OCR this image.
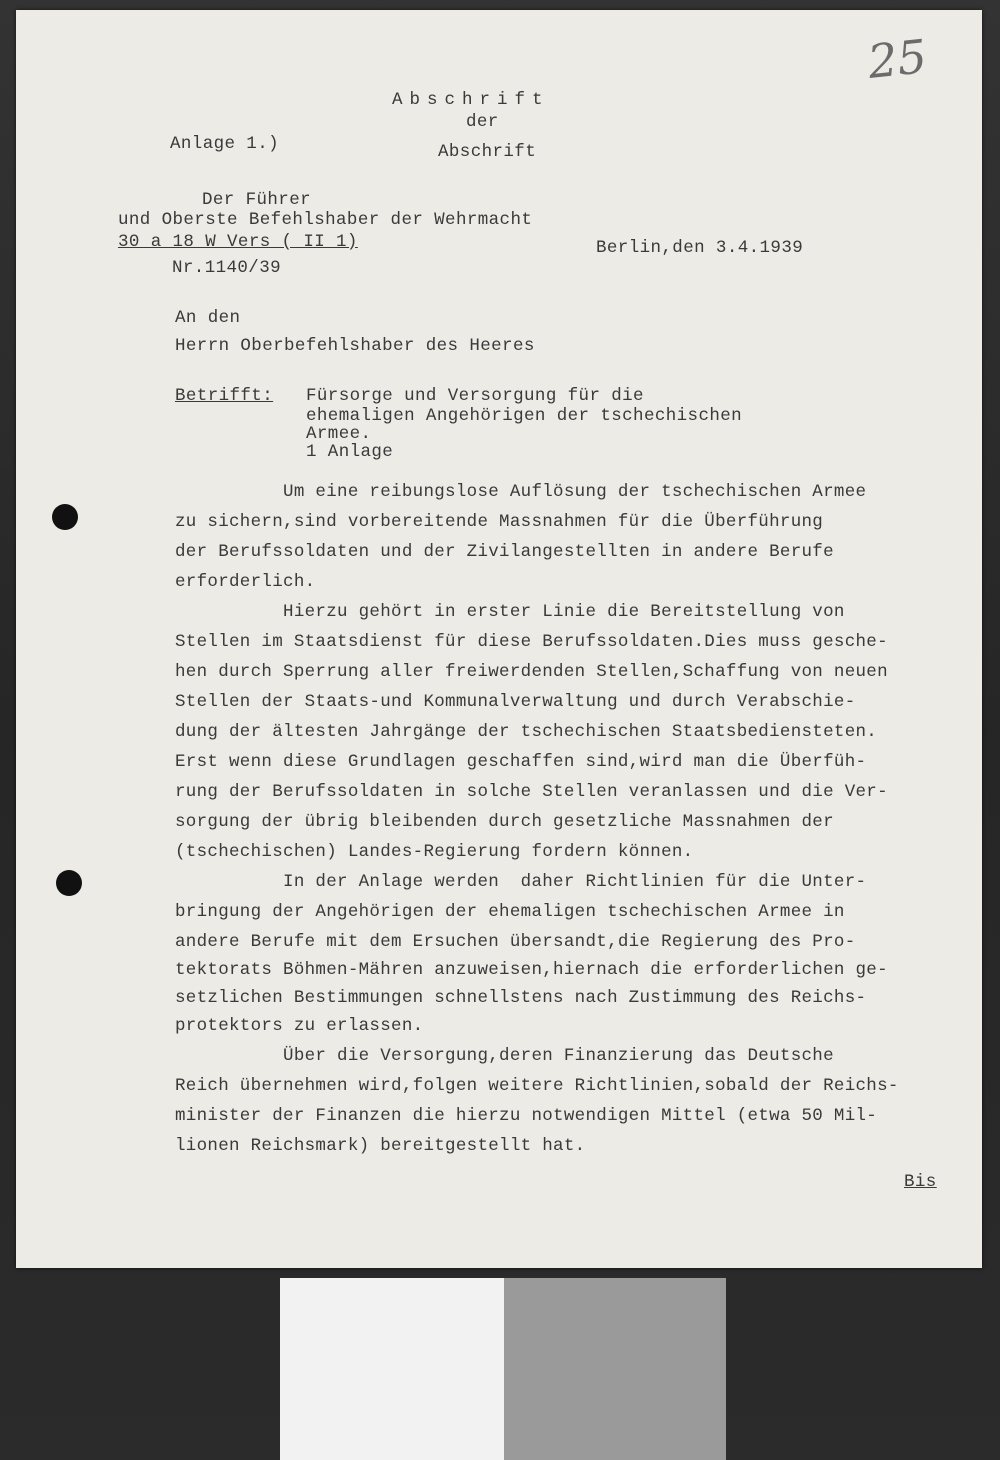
25
Abschrift
der
Abschrift
Anlage 1.)
Der Führer
und Oberste Befehlshaber der Wehrmacht
30 a 18 W Vers ( II 1)
Nr.1140/39
Berlin,den 3.4.1939
An den
Herrn Oberbefehlshaber des Heeres
Betrifft: Fürsorge und Versorgung für die
ehemaligen Angehörigen der tschechischen
Armee.
1 Anlage
Um eine reibungslose Auflösung der tschechischen Armee
zu sichern,sind vorbereitende Massnahmen für die Überführung
der Berufssoldaten und der Zivilangestellten in andere Berufe
erforderlich.
Hierzu gehört in erster Linie die Bereitstellung von
Stellen im Staatsdienst für diese Berufssoldaten.Dies muss gesche-
hen durch Sperrung aller freiwerdenden Stellen,Schaffung von neuen
Stellen der Staats-und Kommunalverwaltung und durch Verabschie-
dung der ältesten Jahrgänge der tschechischen Staatsbediensteten.
Erst wenn diese Grundlagen geschaffen sind,wird man die Überfüh-
rung der Berufssoldaten in solche Stellen veranlassen und die Ver-
sorgung der übrig bleibenden durch gesetzliche Massnahmen der
(tschechischen) Landes-Regierung fordern können.
In der Anlage werden  daher Richtlinien für die Unter-
bringung der Angehörigen der ehemaligen tschechischen Armee in
andere Berufe mit dem Ersuchen übersandt,die Regierung des Pro-
tektorats Böhmen-Mähren anzuweisen,hiernach die erforderlichen ge-
setzlichen Bestimmungen schnellstens nach Zustimmung des Reichs-
protektors zu erlassen.
Über die Versorgung,deren Finanzierung das Deutsche
Reich übernehmen wird,folgen weitere Richtlinien,sobald der Reichs-
minister der Finanzen die hierzu notwendigen Mittel (etwa 50 Mil-
lionen Reichsmark) bereitgestellt hat.
Bis
